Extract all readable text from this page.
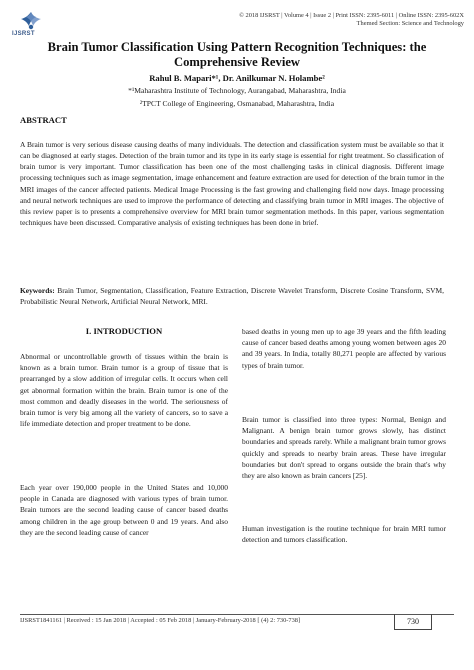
IJSRST
© 2018 IJSRST | Volume 4 | Issue 2 | Print ISSN: 2395-6011 | Online ISSN: 2395-602X
Themed Section: Science and Technology
Brain Tumor Classification Using Pattern Recognition Techniques: the
Comprehensive Review
Rahul B. Mapari*¹, Dr. Anilkumar N. Holambe²
*¹Maharashtra Institute of Technology, Aurangabad, Maharashtra, India
²TPCT College of Engineering, Osmanabad, Maharashtra, India
ABSTRACT
A Brain tumor is very serious disease causing deaths of many individuals. The detection and classification system must be available so that it can be diagnosed at early stages. Detection of the brain tumor and its type in its early stage is essential for right treatment. So classification of brain tumor is very important. Tumor classification has been one of the most challenging tasks in clinical diagnosis. Different image processing techniques such as image segmentation, image enhancement and feature extraction are used for detection of the brain tumor in the MRI images of the cancer affected patients. Medical Image Processing is the fast growing and challenging field now days. Image processing and neural network techniques are used to improve the performance of detecting and classifying brain tumor in MRI images. The objective of this review paper is to presents a comprehensive overview for MRI brain tumor segmentation methods. In this paper, various segmentation techniques have been discussed. Comparative analysis of existing techniques has been done in brief.
Keywords: Brain Tumor, Segmentation, Classification, Feature Extraction, Discrete Wavelet Transform, Discrete Cosine Transform, SVM, Probabilistic Neural Network, Artificial Neural Network, MRI.
I. INTRODUCTION

Abnormal or uncontrollable growth of tissues within the brain is known as a brain tumor. Brain tumor is a group of tissue that is prearranged by a slow addition of irregular cells. It occurs when cell get abnormal formation within the brain. Brain tumor is one of the most common and deadly diseases in the world. The seriousness of brain tumor is very big among all the variety of cancers, so to save a life immediate detection and proper treatment to be done.

Each year over 190,000 people in the United States and 10,000 people in Canada are diagnosed with various types of brain tumor. Brain tumors are the second leading cause of cancer based deaths among children in the age group between 0 and 19 years. And also they are the second leading cause of cancer

based deaths in young men up to age 39 years and the fifth leading cause of cancer based deaths among young women between ages 20 and 39 years. In India, totally 80,271 people are affected by various types of brain tumor.

Brain tumor is classified into three types: Normal, Benign and Malignant. A benign brain tumor grows slowly, has distinct boundaries and spreads rarely. While a malignant brain tumor grows quickly and spreads to nearby brain areas. These have irregular boundaries but don't spread to organs outside the brain that's why they are also known as brain cancers [25].

Human investigation is the routine technique for brain MRI tumor detection and tumors classification.

IJSRST1841161 | Received : 15 Jan 2018 | Accepted : 05 Feb 2018 | January-February-2018 [ (4) 2: 730-738]	730
